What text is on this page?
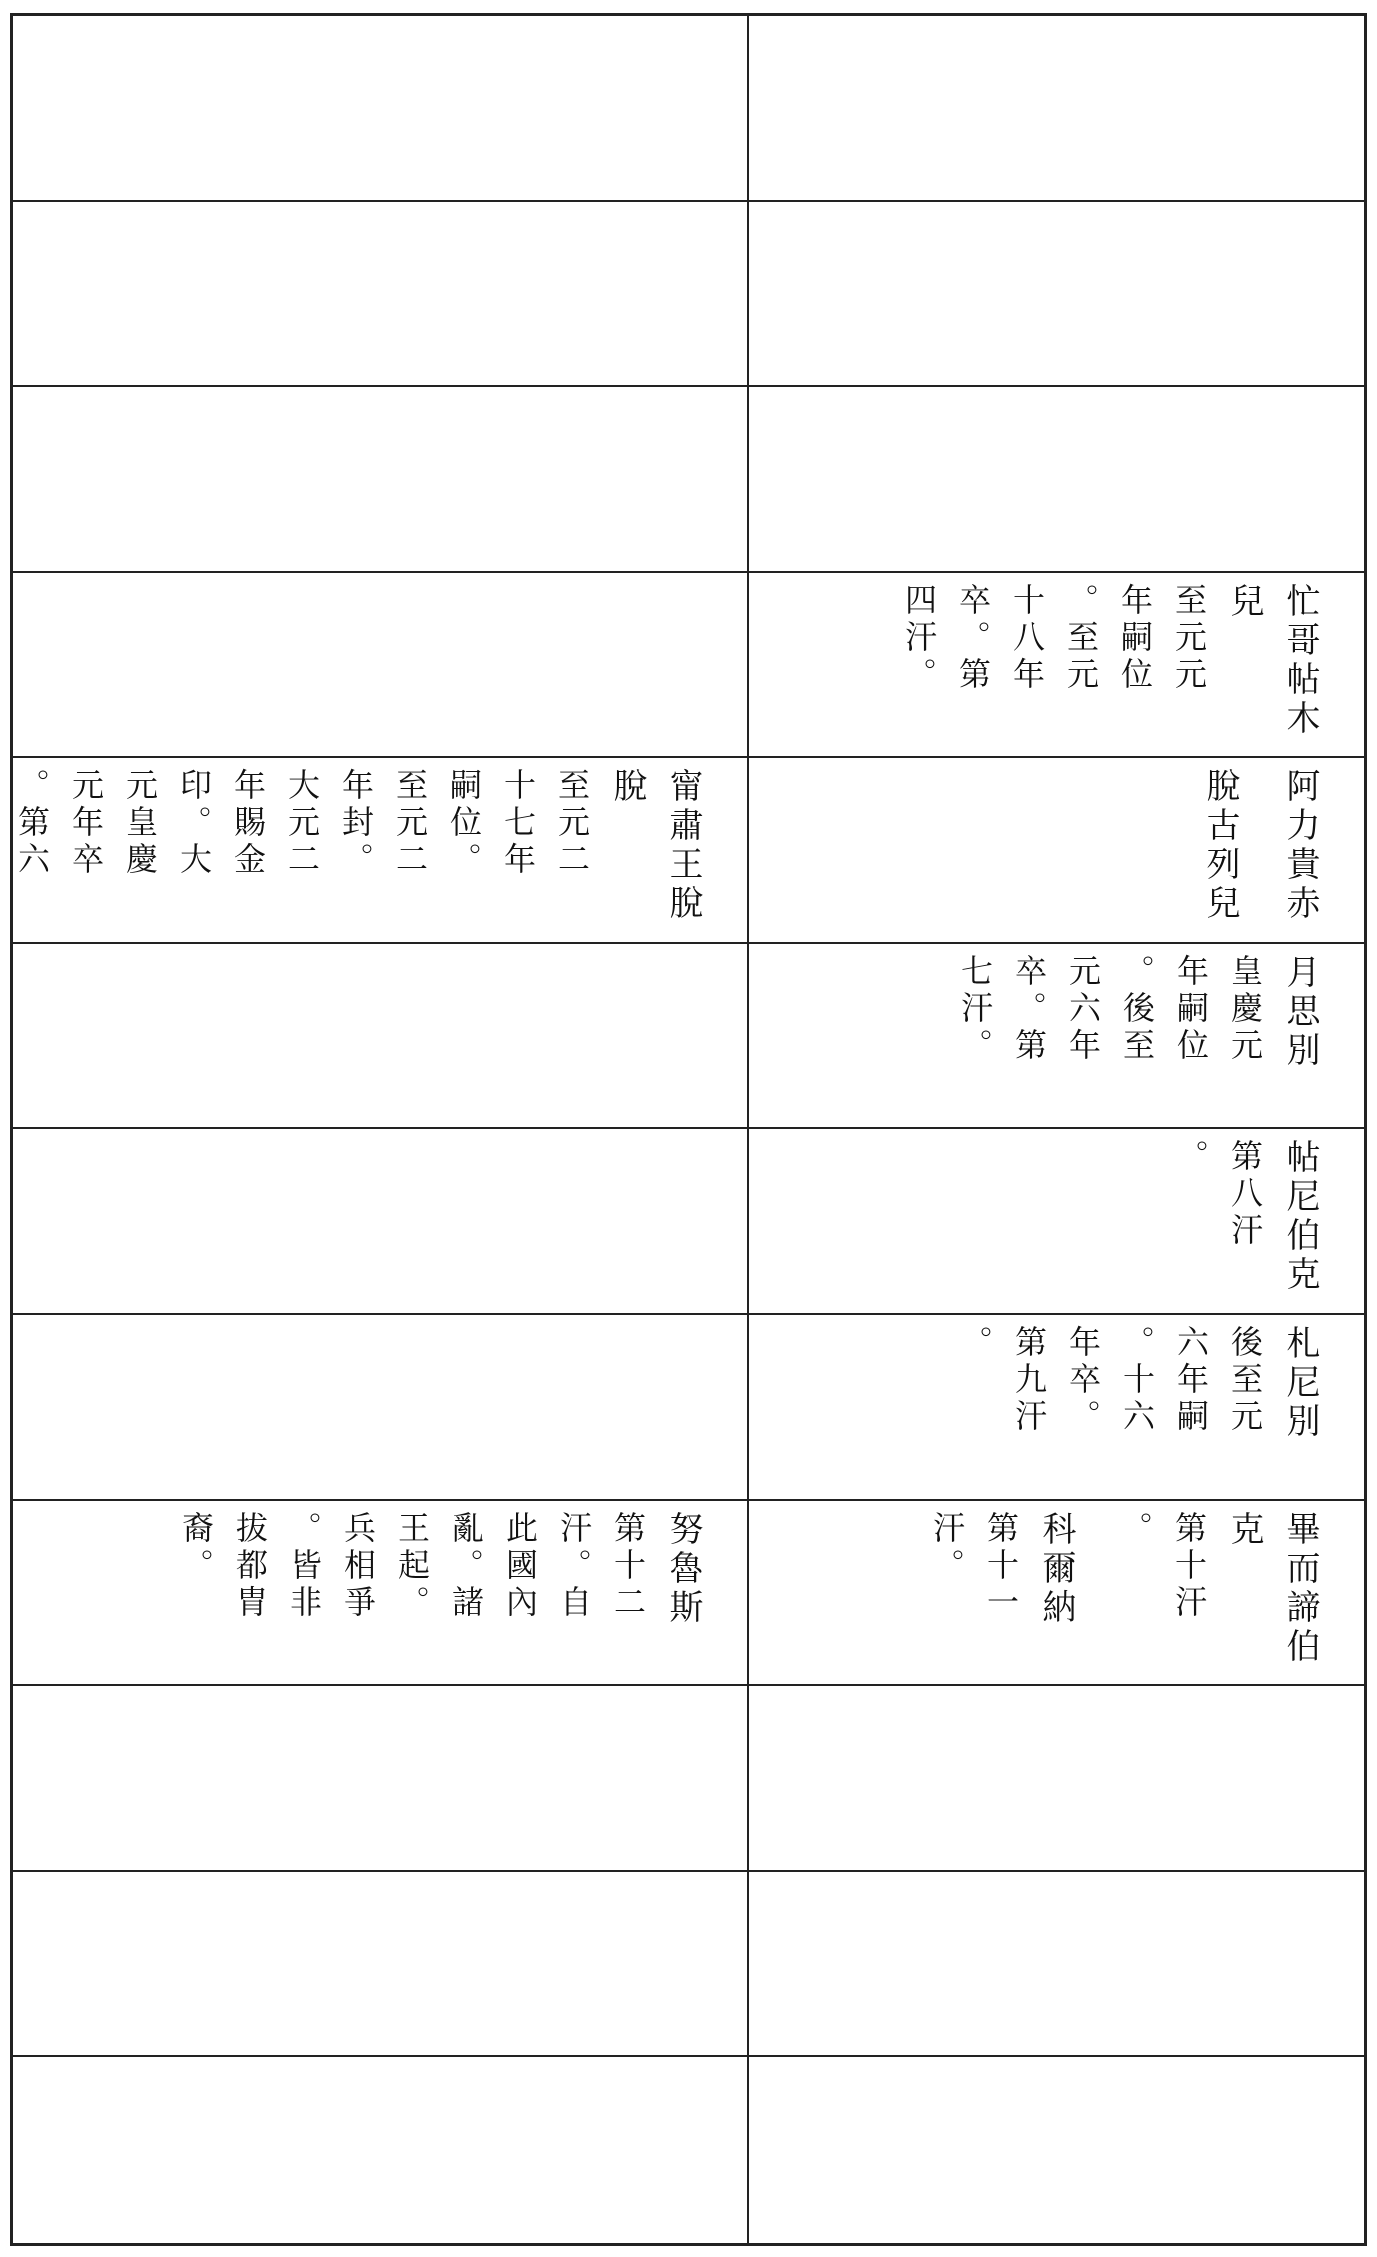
忙哥帖木
兒
至元元
年嗣位
。至元
十八年
卒。第
四汗。
阿力貴赤
脫古列兒
甯肅王脫
脫
至元二
十七年
嗣位。
至元二
年封。
大元二
年賜金
印。大
元皇慶
元年卒
。第六
月思別
皇慶元
年嗣位
。後至
元六年
卒。第
七汗。
帖尼伯克
第八汗
。
札尼別
後至元
六年嗣
。十六
年卒。
第九汗
。
畢而諦伯
克
第十汗
。
科爾納
第十一
汗。
努魯斯
第十二
汗。自
此國內
亂。諸
王起。
兵相爭
。皆非
拔都胄
裔。
